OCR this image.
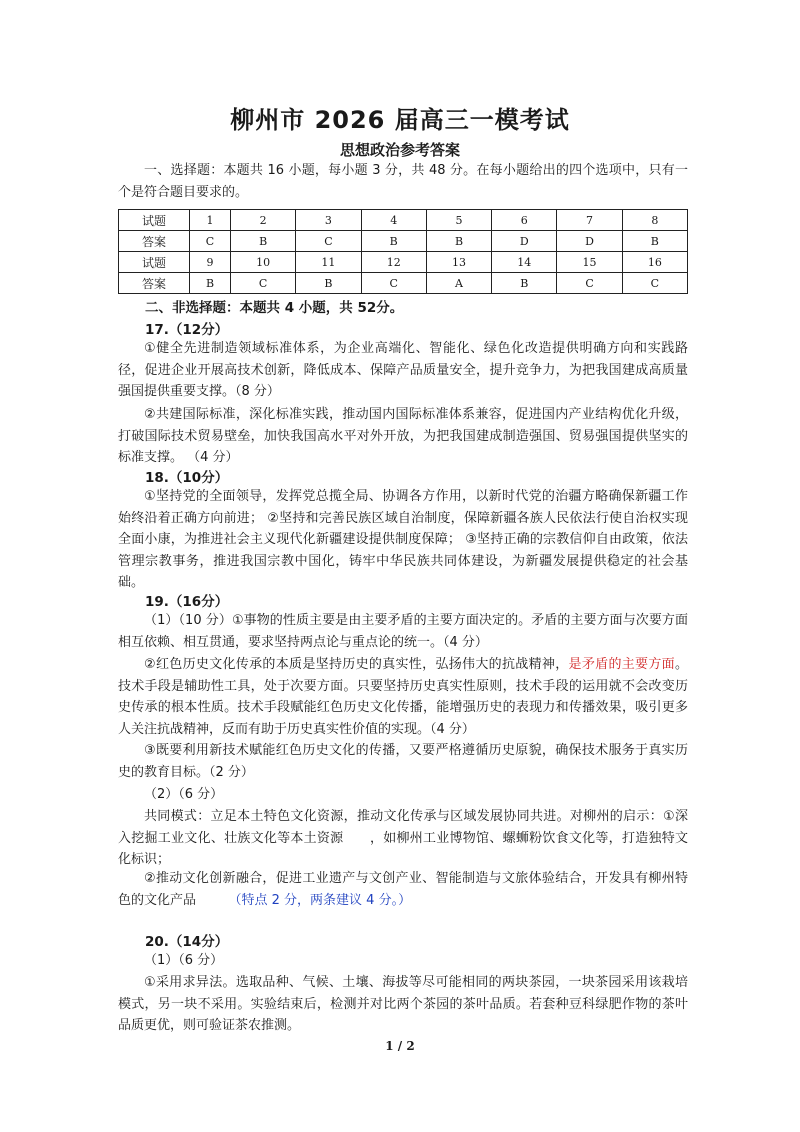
柳州市 2026 届高三一模考试
思想政治参考答案
一、选择题：本题共 16 小题，每小题 3 分，共 48 分。在每小题给出的四个选项中，只有一个是符合题目要求的。
试题	1	2	3	4	5	6	7	8
答案	C	B	C	B	B	D	D	B
试题	9	10	11	12	13	14	15	16
答案	B	C	B	C	A	B	C	C
二、非选择题：本题共 4 小题，共 52分。
17.（12分）
①健全先进制造领域标准体系，为企业高端化、智能化、绿色化改造提供明确方向和实践路径，促进企业开展高技术创新，降低成本、保障产品质量安全，提升竞争力，为把我国建成高质量强国提供重要支撑。（8 分）
②共建国际标准，深化标准实践，推动国内国际标准体系兼容，促进国内产业结构优化升级，打破国际技术贸易壁垒，加快我国高水平对外开放，为把我国建成制造强国、贸易强国提供坚实的标准支撑。 （4 分）
18.（10分）
①坚持党的全面领导，发挥党总揽全局、协调各方作用，以新时代党的治疆方略确保新疆工作始终沿着正确方向前进； ②坚持和完善民族区域自治制度，保障新疆各族人民依法行使自治权实现全面小康，为推进社会主义现代化新疆建设提供制度保障； ③坚持正确的宗教信仰自由政策，依法管理宗教事务，推进我国宗教中国化，铸牢中华民族共同体建设，为新疆发展提供稳定的社会基础。
19.（16分）
（1）（10 分）①事物的性质主要是由主要矛盾的主要方面决定的。矛盾的主要方面与次要方面相互依赖、相互贯通，要求坚持两点论与重点论的统一。（4 分）
②红色历史文化传承的本质是坚持历史的真实性，弘扬伟大的抗战精神，是矛盾的主要方面。技术手段是辅助性工具，处于次要方面。只要坚持历史真实性原则，技术手段的运用就不会改变历史传承的根本性质。技术手段赋能红色历史文化传播，能增强历史的表现力和传播效果，吸引更多人关注抗战精神，反而有助于历史真实性价值的实现。（4 分）
③既要利用新技术赋能红色历史文化的传播，又要严格遵循历史原貌，确保技术服务于真实历史的教育目标。（2 分）
（2）（6 分）
共同模式：立足本土特色文化资源，推动文化传承与区域发展协同共进。对柳州的启示：①深入挖掘工业文化、壮族文化等本土资源　　，如柳州工业博物馆、螺蛳粉饮食文化等，打造独特文化标识；
②推动文化创新融合，促进工业遗产与文创产业、智能制造与文旅体验结合，开发具有柳州特色的文化产品　　　（特点 2 分，两条建议 4 分。）
20.（14分）
（1）（6 分）
①采用求异法。选取品种、气候、土壤、海拔等尽可能相同的两块茶园，一块茶园采用该栽培模式，另一块不采用。实验结束后，检测并对比两个茶园的茶叶品质。若套种豆科绿肥作物的茶叶品质更优，则可验证茶农推测。
1 / 2
